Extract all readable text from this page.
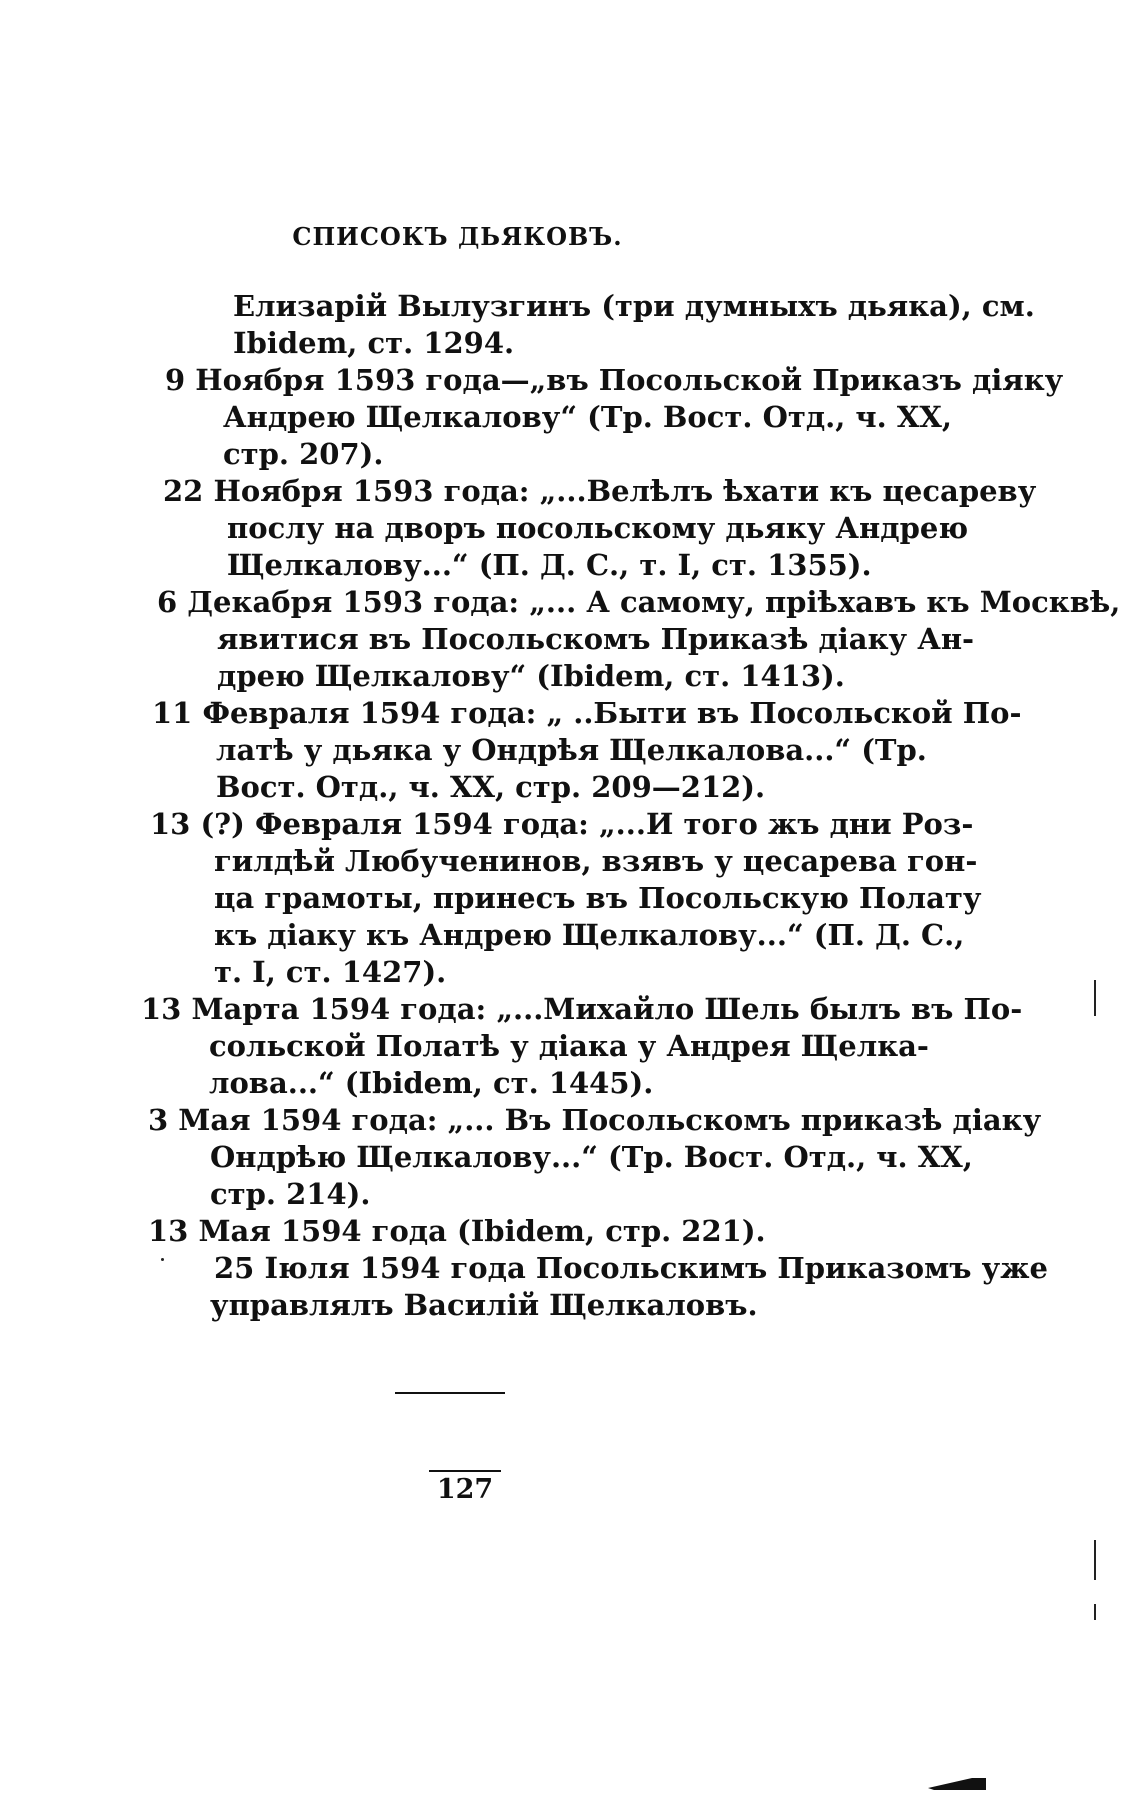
СПИСОКЪ ДЬЯКОВЪ.
Елизарій Вылузгинъ (три думныхъ дьяка), см.
Ibidem, ст. 1294.
9 Ноября 1593 года—„въ Посольской Приказъ діяку
Андрею Щелкалову“ (Тр. Вост. Отд., ч. XX,
стр. 207).
22 Ноября 1593 года: „...Велѣлъ ѣхати къ цесареву
послу на дворъ посольскому дьяку Андрею
Щелкалову...“ (П. Д. С., т. I, ст. 1355).
6 Декабря 1593 года: „... А самому, пріѣхавъ къ Москвѣ,
явитися въ Посольскомъ Приказѣ діаку Ан-
дрею Щелкалову“ (Ibidem, ст. 1413).
11 Февраля 1594 года: „ ..Быти въ Посольской По-
латѣ у дьяка у Ондрѣя Щелкалова...“ (Тр.
Вост. Отд., ч. XX, стр. 209—212).
13 (?) Февраля 1594 года: „...И того жъ дни Роз-
гилдѣй Любученинов, взявъ у цесарева гон-
ца грамоты, принесъ въ Посольскую Полату
къ діаку къ Андрею Щелкалову...“ (П. Д. С.,
т. I, ст. 1427).
13 Марта 1594 года: „...Михайло Шель былъ въ По-
сольской Полатѣ у діака у Андрея Щелка-
лова...“ (Ibidem, ст. 1445).
3 Мая 1594 года: „... Въ Посольскомъ приказѣ діаку
Ондрѣю Щелкалову...“ (Тр. Вост. Отд., ч. XX,
стр. 214).
13 Мая 1594 года (Ibidem, стр. 221).
25 Іюля 1594 года Посольскимъ Приказомъ уже
управлялъ Василій Щелкаловъ.
127
